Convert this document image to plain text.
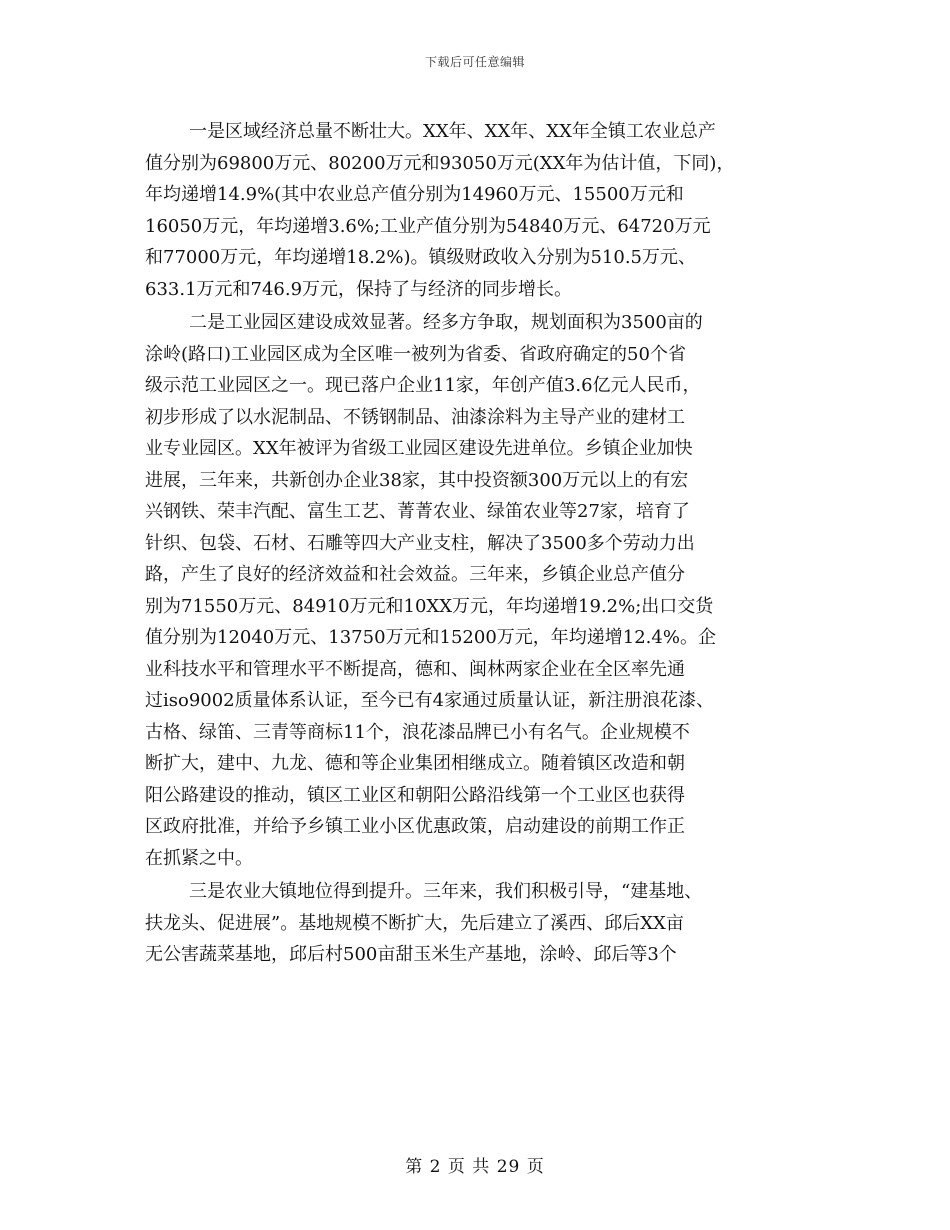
下载后可任意编辑
一是区域经济总量不断壮大。XX年、XX年、XX年全镇工农业总产
值分别为69800万元、80200万元和93050万元(XX年为估计值，下同)，
年均递增14.9%(其中农业总产值分别为14960万元、15500万元和
16050万元，年均递增3.6%;工业产值分别为54840万元、64720万元
和77000万元，年均递增18.2%)。镇级财政收入分别为510.5万元、
633.1万元和746.9万元，保持了与经济的同步增长。
二是工业园区建设成效显著。经多方争取，规划面积为3500亩的
涂岭(路口)工业园区成为全区唯一被列为省委、省政府确定的50个省
级示范工业园区之一。现已落户企业11家，年创产值3.6亿元人民币，
初步形成了以水泥制品、不锈钢制品、油漆涂料为主导产业的建材工
业专业园区。XX年被评为省级工业园区建设先进单位。乡镇企业加快
进展，三年来，共新创办企业38家，其中投资额300万元以上的有宏
兴钢铁、荣丰汽配、富生工艺、菁菁农业、绿笛农业等27家，培育了
针织、包袋、石材、石雕等四大产业支柱，解决了3500多个劳动力出
路，产生了良好的经济效益和社会效益。三年来，乡镇企业总产值分
别为71550万元、84910万元和10XX万元，年均递增19.2%;出口交货
值分别为12040万元、13750万元和15200万元，年均递增12.4%。企
业科技水平和管理水平不断提高，德和、闽林两家企业在全区率先通
过iso9002质量体系认证，至今已有4家通过质量认证，新注册浪花漆、
古格、绿笛、三青等商标11个，浪花漆品牌已小有名气。企业规模不
断扩大，建中、九龙、德和等企业集团相继成立。随着镇区改造和朝
阳公路建设的推动，镇区工业区和朝阳公路沿线第一个工业区也获得
区政府批准，并给予乡镇工业小区优惠政策，启动建设的前期工作正
在抓紧之中。
三是农业大镇地位得到提升。三年来，我们积极引导，“建基地、
扶龙头、促进展”。基地规模不断扩大，先后建立了溪西、邱后XX亩
无公害蔬菜基地，邱后村500亩甜玉米生产基地，涂岭、邱后等3个
第 2 页 共 29 页
